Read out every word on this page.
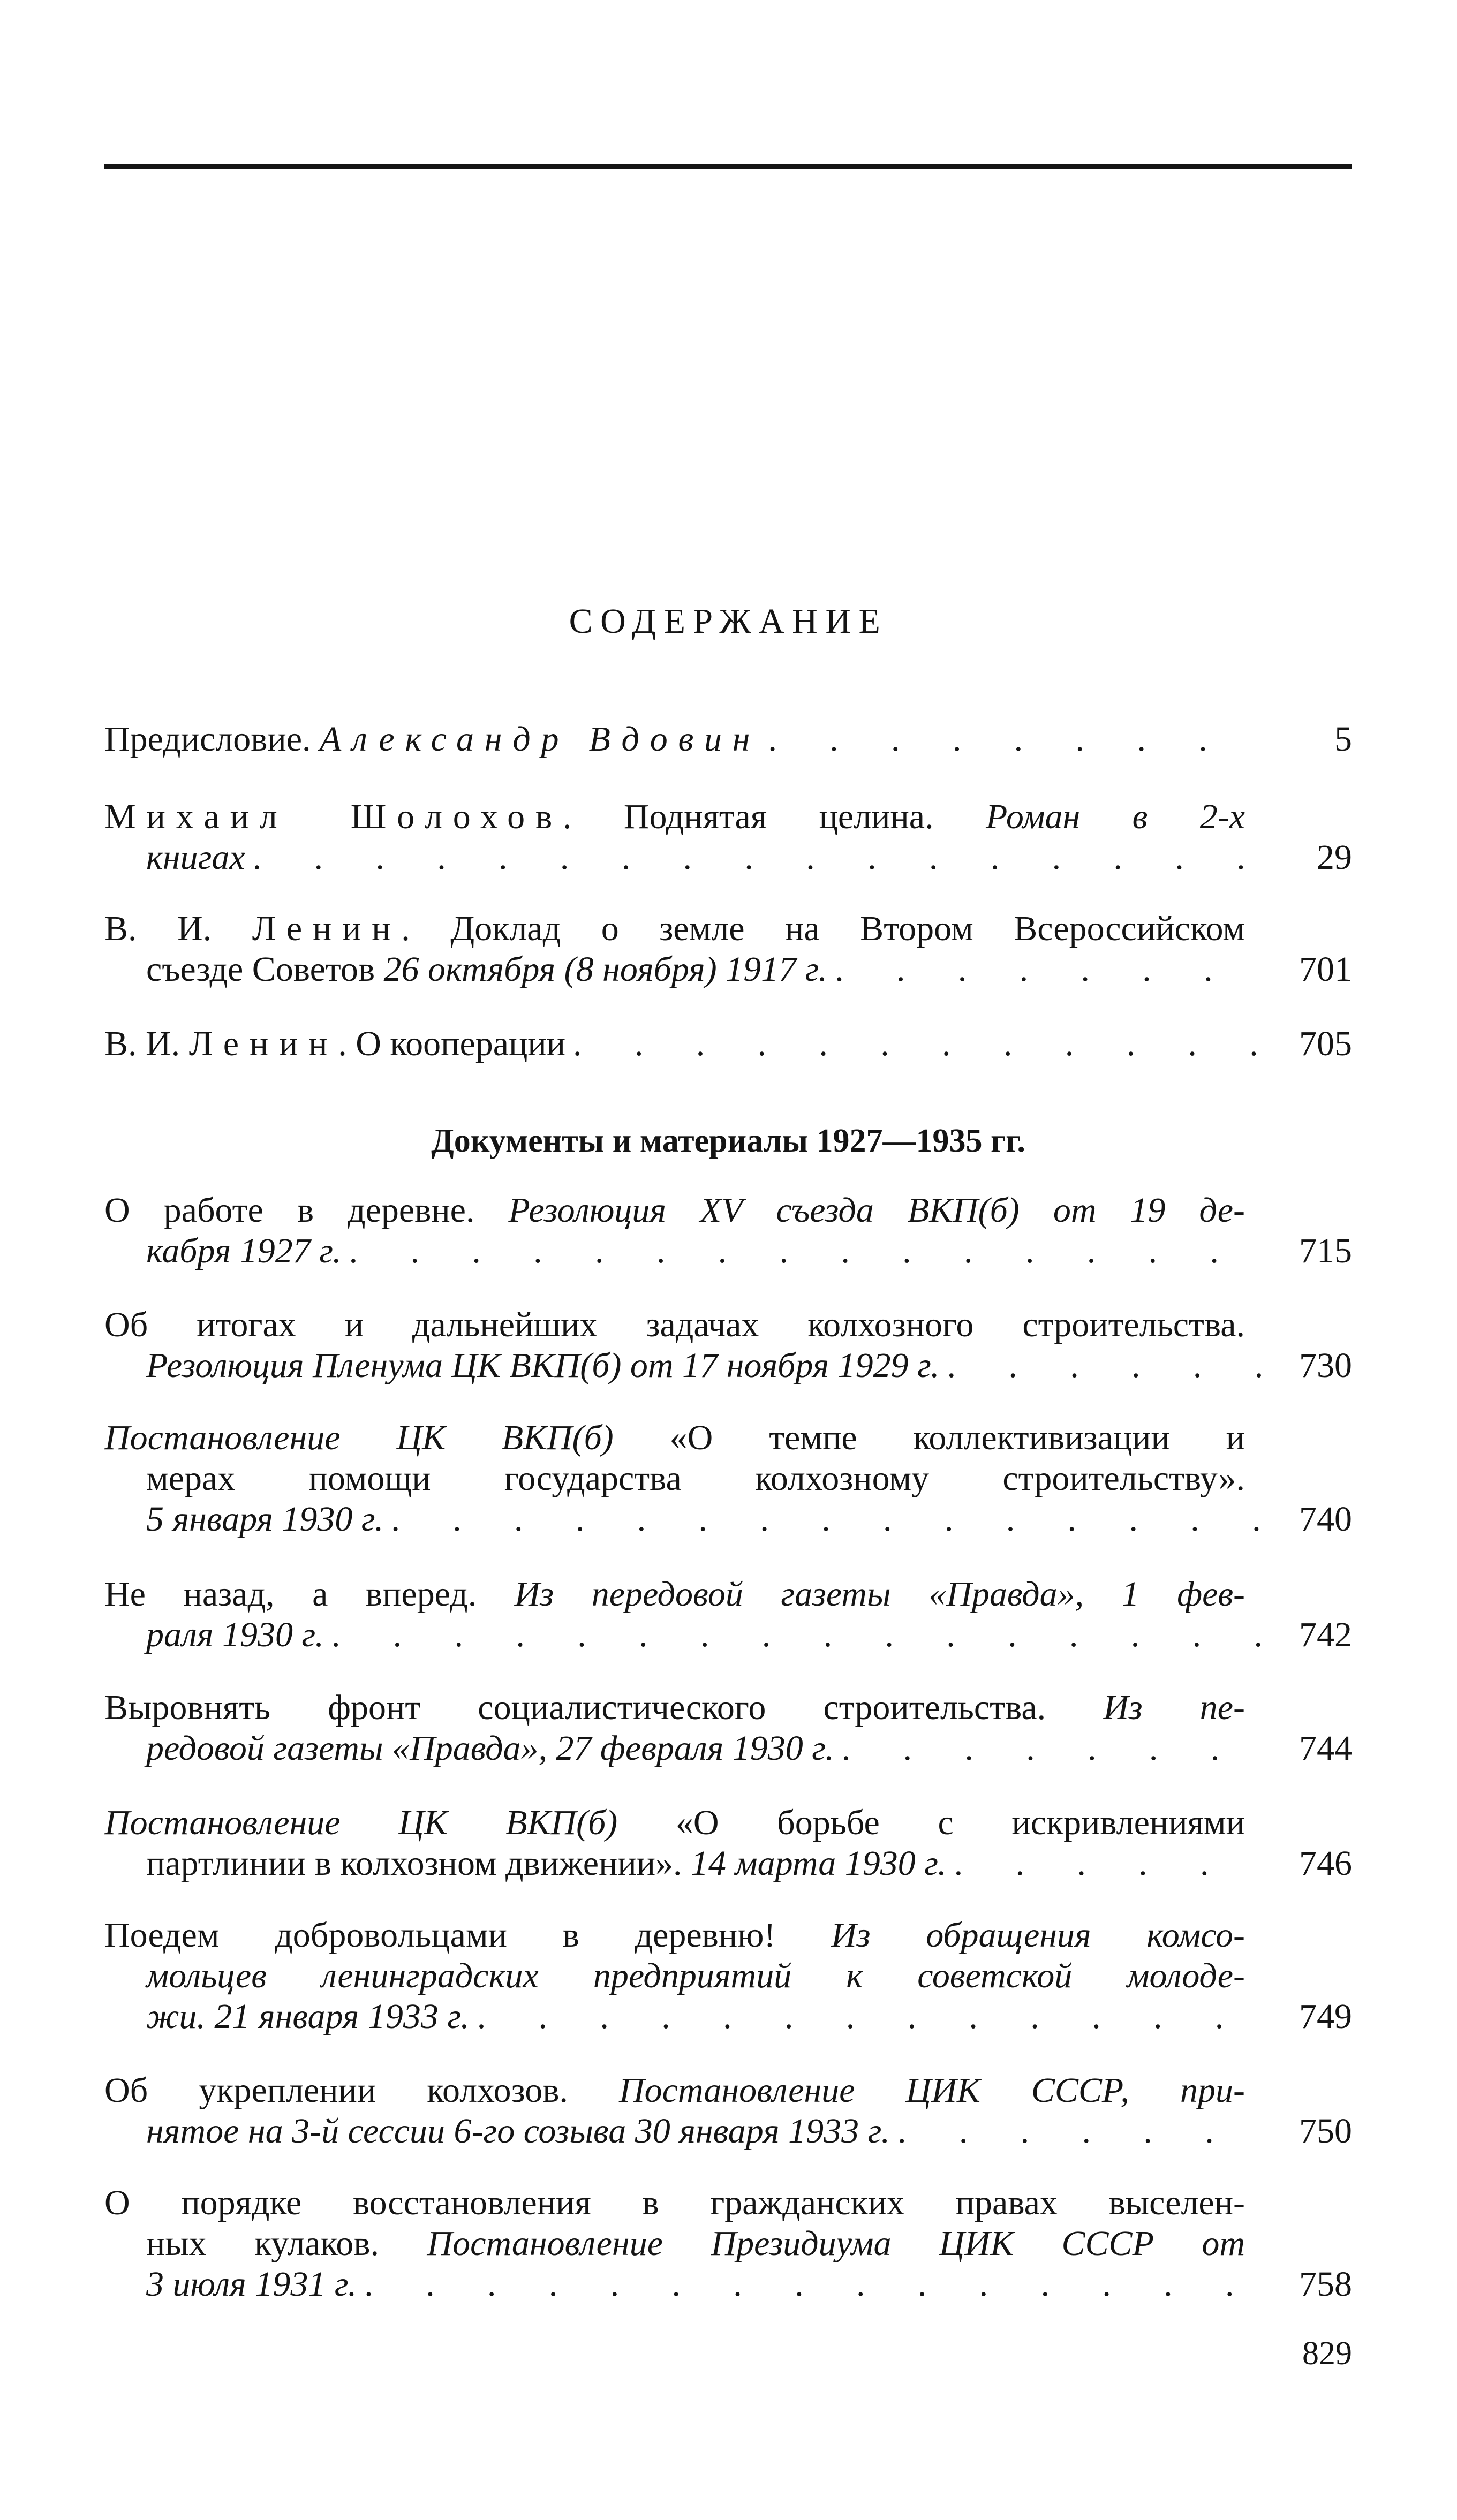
СОДЕРЖАНИЕ
Документы и материалы 1927—1935 гг.
Предисловие. Александр Вдовин . . .	5
Михаил Шолохов. Поднятая целина. Роман в 2-х
книгах . . .	29
В. И. Ленин. Доклад о земле на Втором Всероссийском
съезде Советов 26 октября (8 ноября) 1917 г. . . .	701
В. И. Ленин. О кооперации . . .	705
О работе в деревне. Резолюция XV съезда ВКП(б) от 19 де-
кабря 1927 г. . . .	715
Об итогах и дальнейших задачах колхозного строительства.
Резолюция Пленума ЦК ВКП(б) от 17 ноября 1929 г. . . .	730
Постановление ЦК ВКП(б) «О темпе коллективизации и
мерах помощи государства колхозному строительству».
5 января 1930 г. . . .	740
Не назад, а вперед. Из передовой газеты «Правда», 1 фев-
раля 1930 г. . . .	742
Выровнять фронт социалистического строительства. Из пе-
редовой газеты «Правда», 27 февраля 1930 г. . . .	744
Постановление ЦК ВКП(б) «О борьбе с искривлениями
партлинии в колхозном движении». 14 марта 1930 г. . . .	746
Поедем добровольцами в деревню! Из обращения комсо-
мольцев ленинградских предприятий к советской молоде-
жи. 21 января 1933 г. . . .	749
Об укреплении колхозов. Постановление ЦИК СССР, при-
нятое на 3-й сессии 6-го созыва 30 января 1933 г. . . .	750
О порядке восстановления в гражданских правах выселен-
ных кулаков. Постановление Президиума ЦИК СССР от
3 июля 1931 г. . . .	758
829
